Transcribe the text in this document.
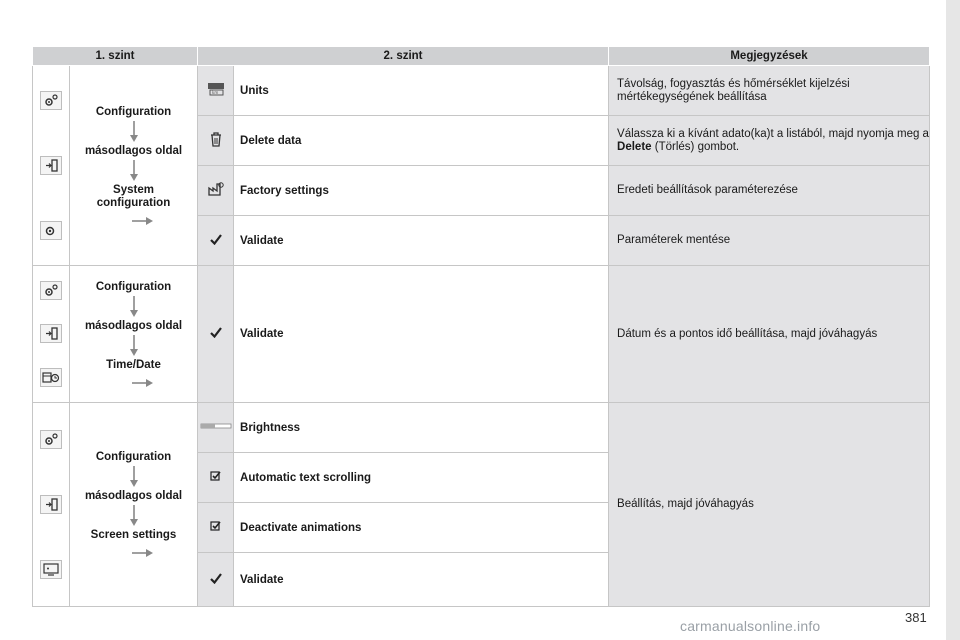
1. szint		2. szint		Megjegyzések

Configuration
másodlagos oldal
System configuration	km	Units	Távolság, fogyasztás és hőmérséklet kijelzési mértékegységének beállítása
	Delete data	Válassza ki a kívánt adato(ka)t a listából, majd nyomja meg a Delete (Törlés) gombot.
	Factory settings	Eredeti beállítások paraméterezése
	Validate	Paraméterek mentése

Configuration
másodlagos oldal
Time/Date		Validate	Dátum és a pontos idő beállítása, majd jóváhagyás

Configuration
másodlagos oldal
Screen settings		Brightness	Beállítás, majd jóváhagyás
	Automatic text scrolling	
	Deactivate animations	
	Validate	
carmanualsonline.info
381
